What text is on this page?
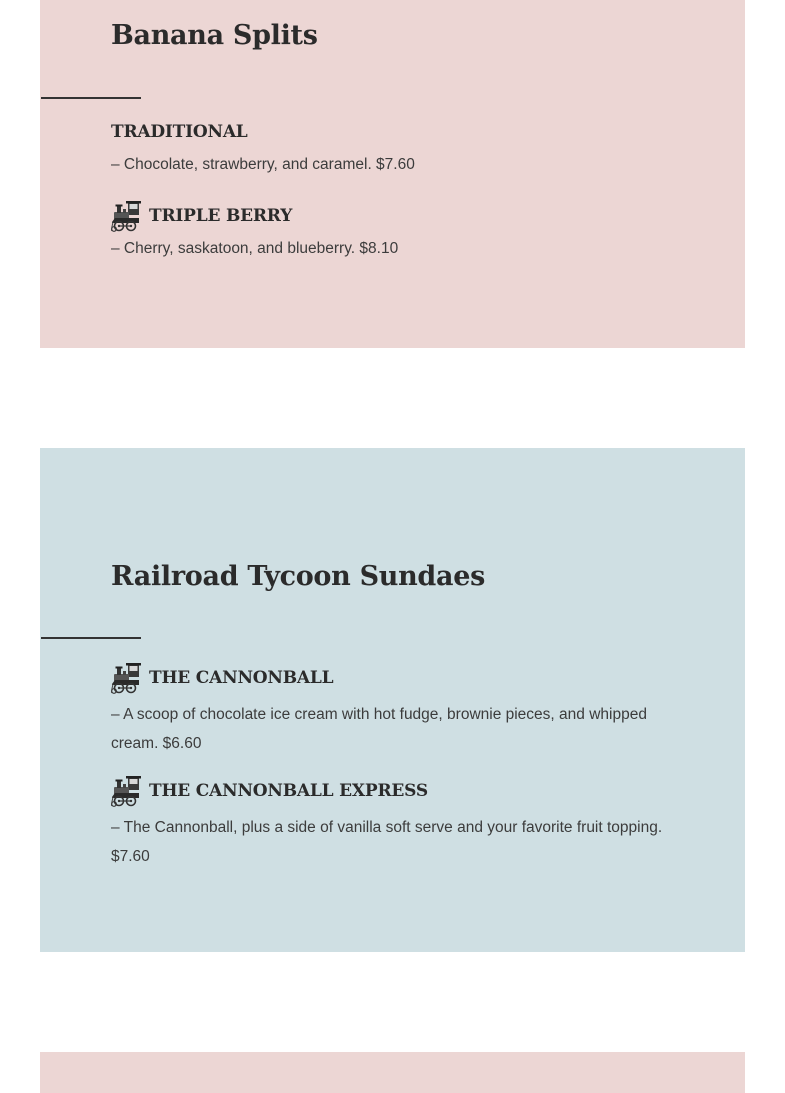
Banana Splits
TRADITIONAL

– Chocolate, strawberry, and caramel. $7.60

TRIPLE BERRY

– Cherry, saskatoon, and blueberry. $8.10

Railroad Tycoon Sundaes
THE CANNONBALL

– A scoop of chocolate ice cream with hot fudge, brownie pieces, and whipped cream. $6.60

THE CANNONBALL EXPRESS

– The Cannonball, plus a side of vanilla soft serve and your favorite fruit topping. $7.60
